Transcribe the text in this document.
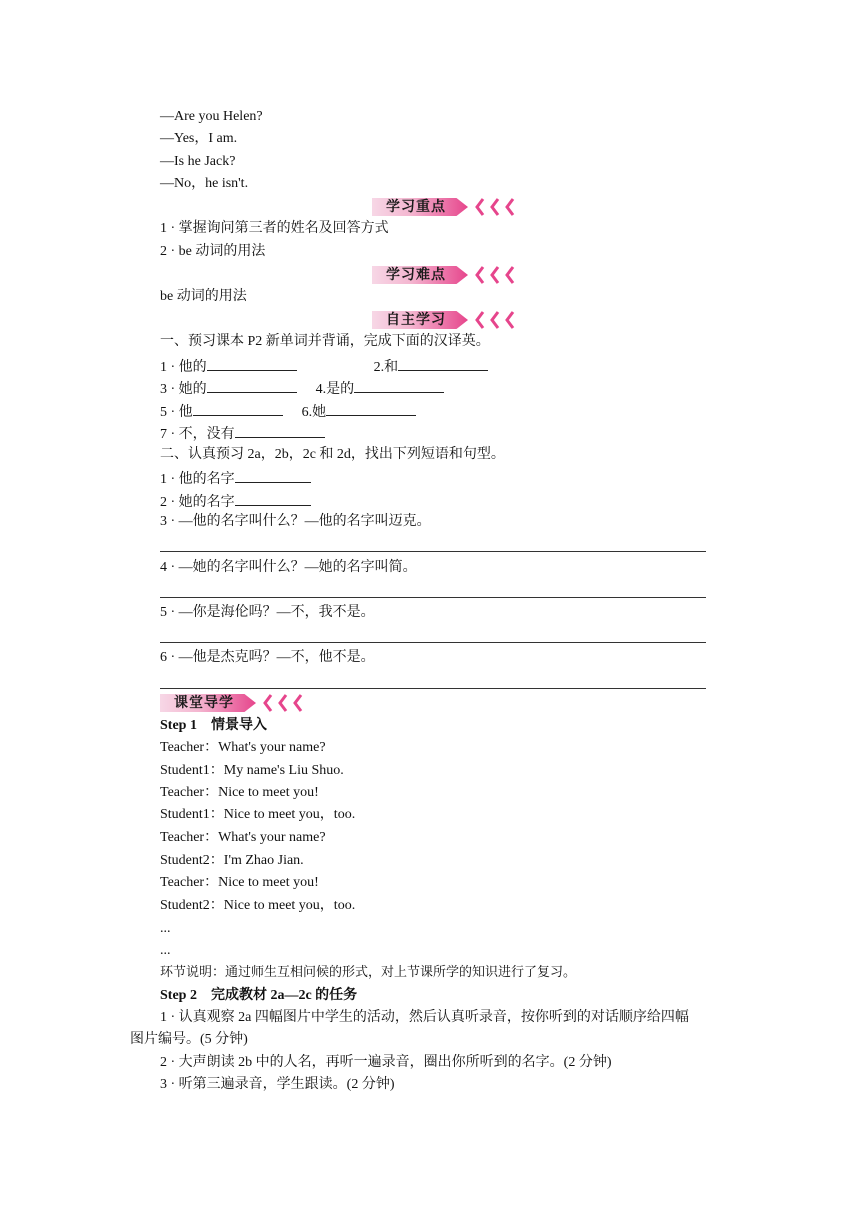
—Are you Helen?
—Yes，I am.
—Is he Jack?
—No，he isn't.
学习重点
1 · 掌握询问第三者的姓名及回答方式
2 · be 动词的用法
学习难点
be 动词的用法
自主学习
一、预习课本 P2 新单词并背诵，完成下面的汉译英。
1 · 他的	2.和
3 · 她的	4.是的
5 · 他	6.她
7 · 不，没有
二、认真预习 2a，2b，2c 和 2d，找出下列短语和句型。
1 · 他的名字
2 · 她的名字
3 · —他的名字叫什么？—他的名字叫迈克。
4 · —她的名字叫什么？—她的名字叫简。
5 · —你是海伦吗？—不，我不是。
6 · —他是杰克吗？—不，他不是。
课堂导学
Step 1　情景导入
Teacher：What's your name?
Student1：My name's Liu Shuo.
Teacher：Nice to meet you!
Student1：Nice to meet you，too.
Teacher：What's your name?
Student2：I'm Zhao Jian.
Teacher：Nice to meet you!
Student2：Nice to meet you，too.
...
...
环节说明：通过师生互相问候的形式，对上节课所学的知识进行了复习。
Step 2　完成教材 2a—2c 的任务
1 · 认真观察 2a 四幅图片中学生的活动，然后认真听录音，按你听到的对话顺序给四幅
图片编号。(5 分钟)
2 · 大声朗读 2b 中的人名，再听一遍录音，圈出你所听到的名字。(2 分钟)
3 · 听第三遍录音，学生跟读。(2 分钟)
